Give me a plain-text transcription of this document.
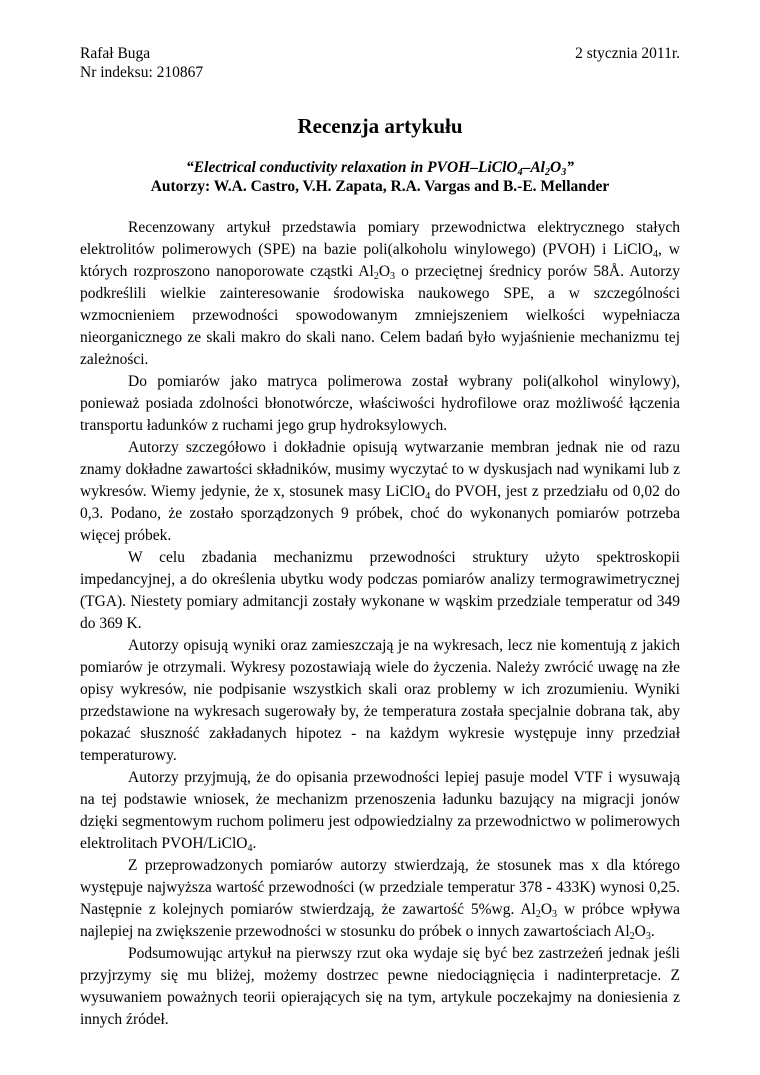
Rafał Buga
Nr indeksu: 210867
2 stycznia 2011r.
Recenzja artykułu
“Electrical conductivity relaxation in PVOH–$LiClO_4-Al_2O_3$”
Autorzy: W.A. Castro, V.H. Zapata, R.A. Vargas and B.-E. Mellander

Recenzowany artykuł przedstawia pomiary przewodnictwa elektrycznego stałych elektrolitów polimerowych (SPE) na bazie poli(alkoholu winylowego) (PVOH) i LiClO$_4$, w których rozproszono nanoporowate cząstki $Al_2O_3$ o przeciętnej średnicy porów 58Å. Autorzy podkreślili wielkie zainteresowanie środowiska naukowego SPE, a w szczególności wzmocnieniem przewodności spowodowanym zmniejszeniem wielkości wypełniacza nieorganicznego ze skali makro do skali nano. Celem badań było wyjaśnienie mechanizmu tej zależności.

Do pomiarów jako matryca polimerowa został wybrany poli(alkohol winylowy), ponieważ posiada zdolności błonotwórcze, właściwości hydrofilowe oraz możliwość łączenia transportu ładunków z ruchami jego grup hydroksylowych.

Autorzy szczegółowo i dokładnie opisują wytwarzanie membran jednak nie od razu znamy dokładne zawartości składników, musimy wyczytać to w dyskusjach nad wynikami lub z wykresów. Wiemy jedynie, że x, stosunek masy LiClO$_4$ do PVOH, jest z przedziału od 0,02 do 0,3. Podano, że zostało sporządzonych 9 próbek, choć do wykonanych pomiarów potrzeba więcej próbek.

W celu zbadania mechanizmu przewodności struktury użyto spektroskopii impedancyjnej, a do określenia ubytku wody podczas pomiarów analizy termograwimetrycznej (TGA). Niestety pomiary admitancji zostały wykonane w wąskim przedziale temperatur od 349 do 369 K.

Autorzy opisują wyniki oraz zamieszczają je na wykresach, lecz nie komentują z jakich pomiarów je otrzymali. Wykresy pozostawiają wiele do życzenia. Należy zwrócić uwagę na złe opisy wykresów, nie podpisanie wszystkich skali oraz problemy w ich zrozumieniu. Wyniki przedstawione na wykresach sugerowały by, że temperatura została specjalnie dobrana tak, aby pokazać słuszność zakładanych hipotez - na każdym wykresie występuje inny przedział temperaturowy.

Autorzy przyjmują, że do opisania przewodności lepiej pasuje model VTF i wysuwają na tej podstawie wniosek, że mechanizm przenoszenia ładunku bazujący na migracji jonów dzięki segmentowym ruchom polimeru jest odpowiedzialny za przewodnictwo w polimerowych elektrolitach PVOH/LiClO$_4$.

Z przeprowadzonych pomiarów autorzy stwierdzają, że stosunek mas x dla którego występuje najwyższa wartość przewodności (w przedziale temperatur 378 - 433K) wynosi 0,25. Następnie z kolejnych pomiarów stwierdzają, że zawartość 5%wg. $Al_2O_3$ w próbce wpływa najlepiej na zwiększenie przewodności w stosunku do próbek o innych zawartościach $Al_2O_3$.

Podsumowując artykuł na pierwszy rzut oka wydaje się być bez zastrzeżeń jednak jeśli przyjrzymy się mu bliżej, możemy dostrzec pewne niedociągnięcia i nadinterpretacje. Z wysuwaniem poważnych teorii opierających się na tym, artykule poczekajmy na doniesienia z innych źródeł.
